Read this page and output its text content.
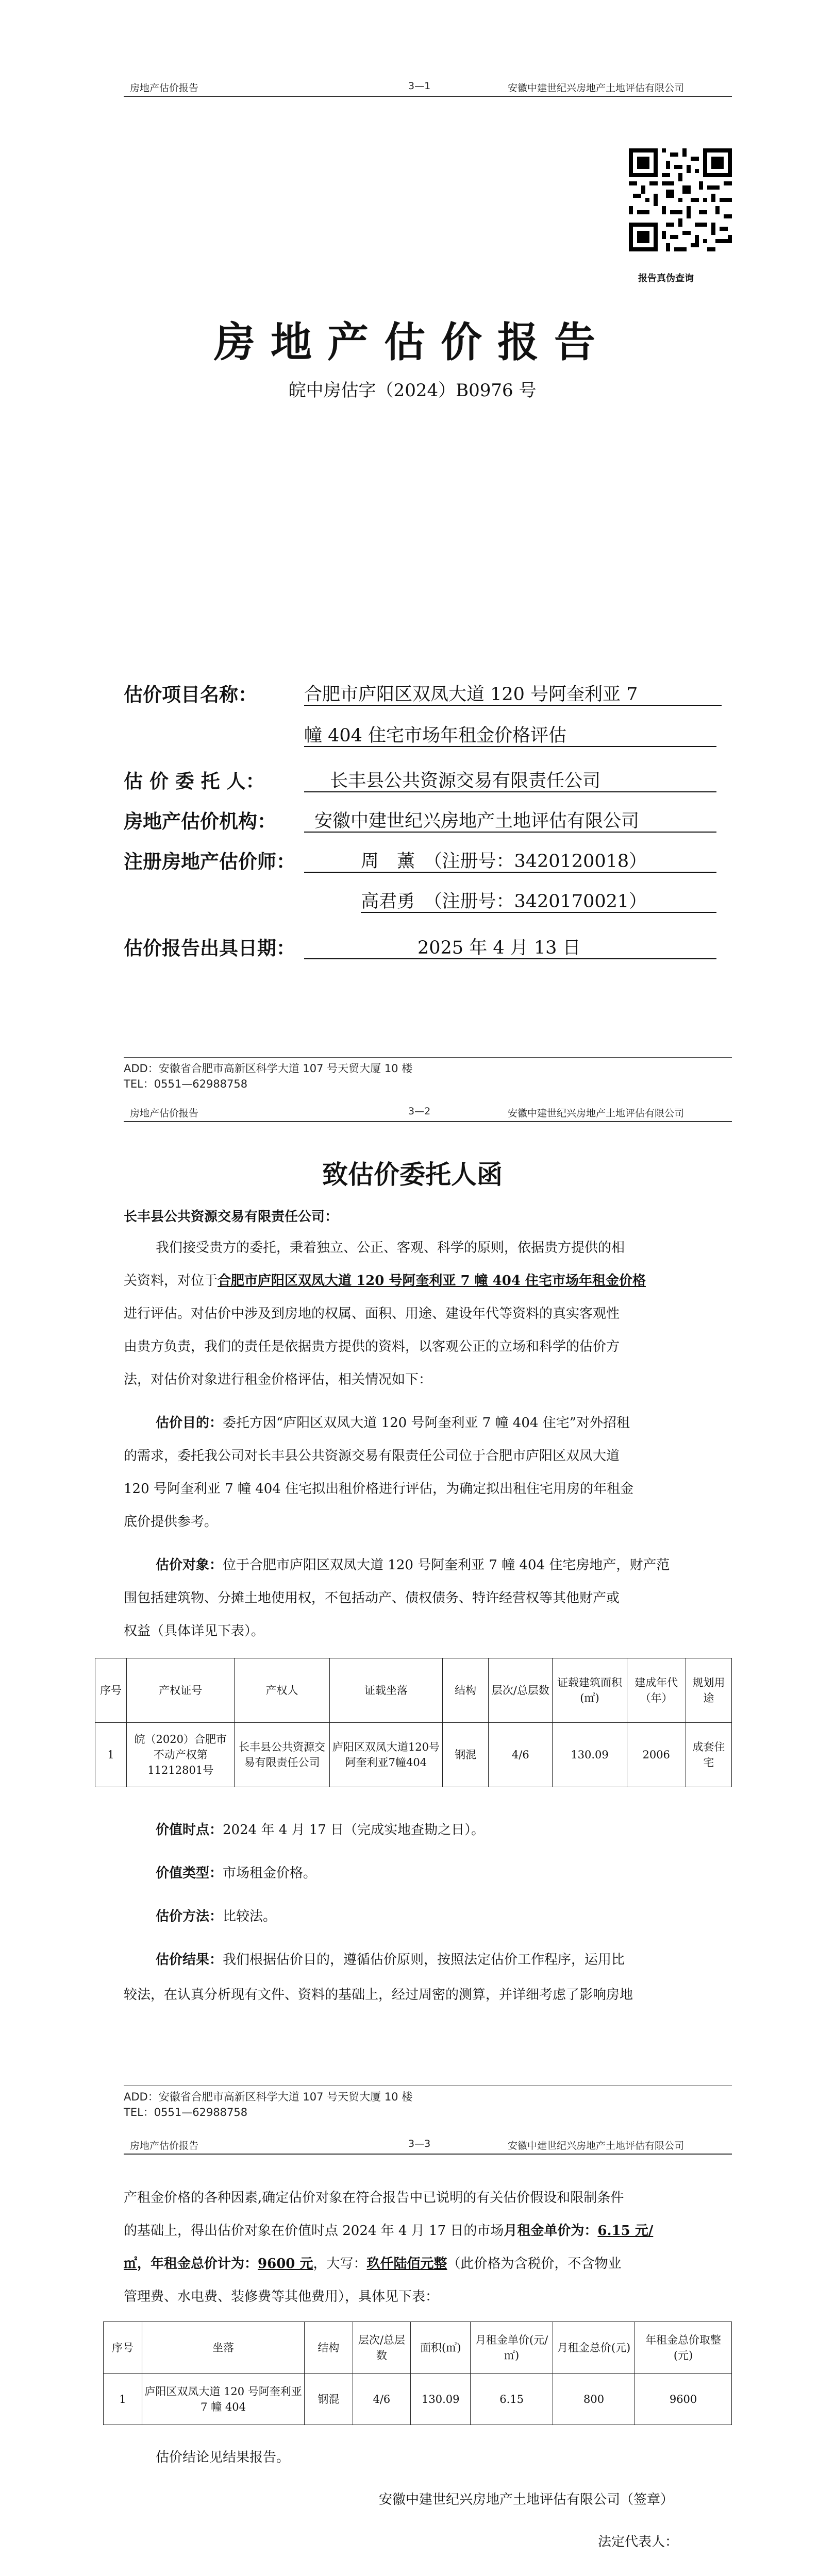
房地产估价报告	3—1	安徽中建世纪兴房地产土地评估有限公司
报告真伪查询
房地产估价报告
皖中房估字（2024）B0976 号
估价项目名称：	合肥市庐阳区双凤大道 120 号阿奎利亚 7
幢 404 住宅市场年租金价格评估
估 价 委 托 人：	长丰县公共资源交易有限责任公司
房地产估价机构： 安徽中建世纪兴房地产土地评估有限公司
注册房地产估价师：	周　薰　（注册号：3420120018）
高君勇　（注册号：3420170021）
估价报告出具日期：	2025 年 4 月 13 日
ADD：安徽省合肥市高新区科学大道 107 号天贸大厦 10 楼
TEL：0551—62988758
房地产估价报告	3—2	安徽中建世纪兴房地产土地评估有限公司
致估价委托人函
长丰县公共资源交易有限责任公司：
我们接受贵方的委托，秉着独立、公正、客观、科学的原则，依据贵方提供的相
关资料，对位于合肥市庐阳区双凤大道 120 号阿奎利亚 7 幢 404 住宅市场年租金价格
进行评估。对估价中涉及到房地的权属、面积、用途、建设年代等资料的真实客观性
由贵方负责，我们的责任是依据贵方提供的资料，以客观公正的立场和科学的估价方
法，对估价对象进行租金价格评估，相关情况如下：
估价目的：委托方因“庐阳区双凤大道 120 号阿奎利亚 7 幢 404 住宅”对外招租
的需求，委托我公司对长丰县公共资源交易有限责任公司位于合肥市庐阳区双凤大道
120 号阿奎利亚 7 幢 404 住宅拟出租价格进行评估，为确定拟出租住宅用房的年租金
底价提供参考。
估价对象：位于合肥市庐阳区双凤大道 120 号阿奎利亚 7 幢 404 住宅房地产，财产范
围包括建筑物、分摊土地使用权，不包括动产、债权债务、特许经营权等其他财产或
权益（具体详见下表）。
序号	产权证号	产权人	证载坐落	结构	层次/总层数	证载建筑面积(㎡)	建成年代（年）	规划用途
1	皖（2020）合肥市不动产权第11212801号	长丰县公共资源交易有限责任公司	庐阳区双凤大道120号阿奎利亚7幢404	钢混	4/6	130.09	2006	成套住宅
价值时点：2024 年 4 月 17 日（完成实地查勘之日）。
价值类型：市场租金价格。
估价方法：比较法。
估价结果：我们根据估价目的，遵循估价原则，按照法定估价工作程序，运用比
较法，在认真分析现有文件、资料的基础上，经过周密的测算，并详细考虑了影响房地
ADD：安徽省合肥市高新区科学大道 107 号天贸大厦 10 楼
TEL：0551—62988758
房地产估价报告	3—3	安徽中建世纪兴房地产土地评估有限公司
产租金价格的各种因素,确定估价对象在符合报告中已说明的有关估价假设和限制条件
的基础上，得出估价对象在价值时点 2024 年 4 月 17 日的市场月租金单价为：6.15 元/
㎡，年租金总价计为：9600 元，大写：玖仟陆佰元整（此价格为含税价，不含物业
管理费、水电费、装修费等其他费用），具体见下表：
序号	坐落	结构	层次/总层数	面积(㎡)	月租金单价(元/㎡)	月租金总价(元)	年租金总价取整(元)
1	庐阳区双凤大道 120 号阿奎利亚 7 幢 404	钢混	4/6	130.09	6.15	800	9600
估价结论见结果报告。
安徽中建世纪兴房地产土地评估有限公司（签章）
法定代表人：
